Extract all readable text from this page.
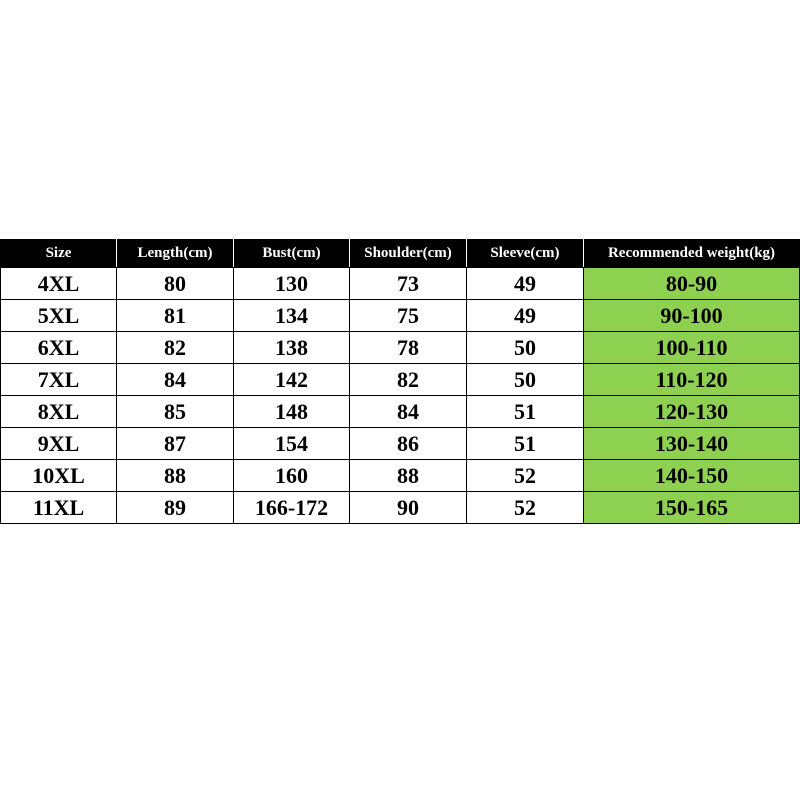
Size	Length(cm)	Bust(cm)	Shoulder(cm)	Sleeve(cm)	Recommended weight(kg)
4XL	80	130	73	49	80-90
5XL	81	134	75	49	90-100
6XL	82	138	78	50	100-110
7XL	84	142	82	50	110-120
8XL	85	148	84	51	120-130
9XL	87	154	86	51	130-140
10XL	88	160	88	52	140-150
11XL	89	166-172	90	52	150-165
